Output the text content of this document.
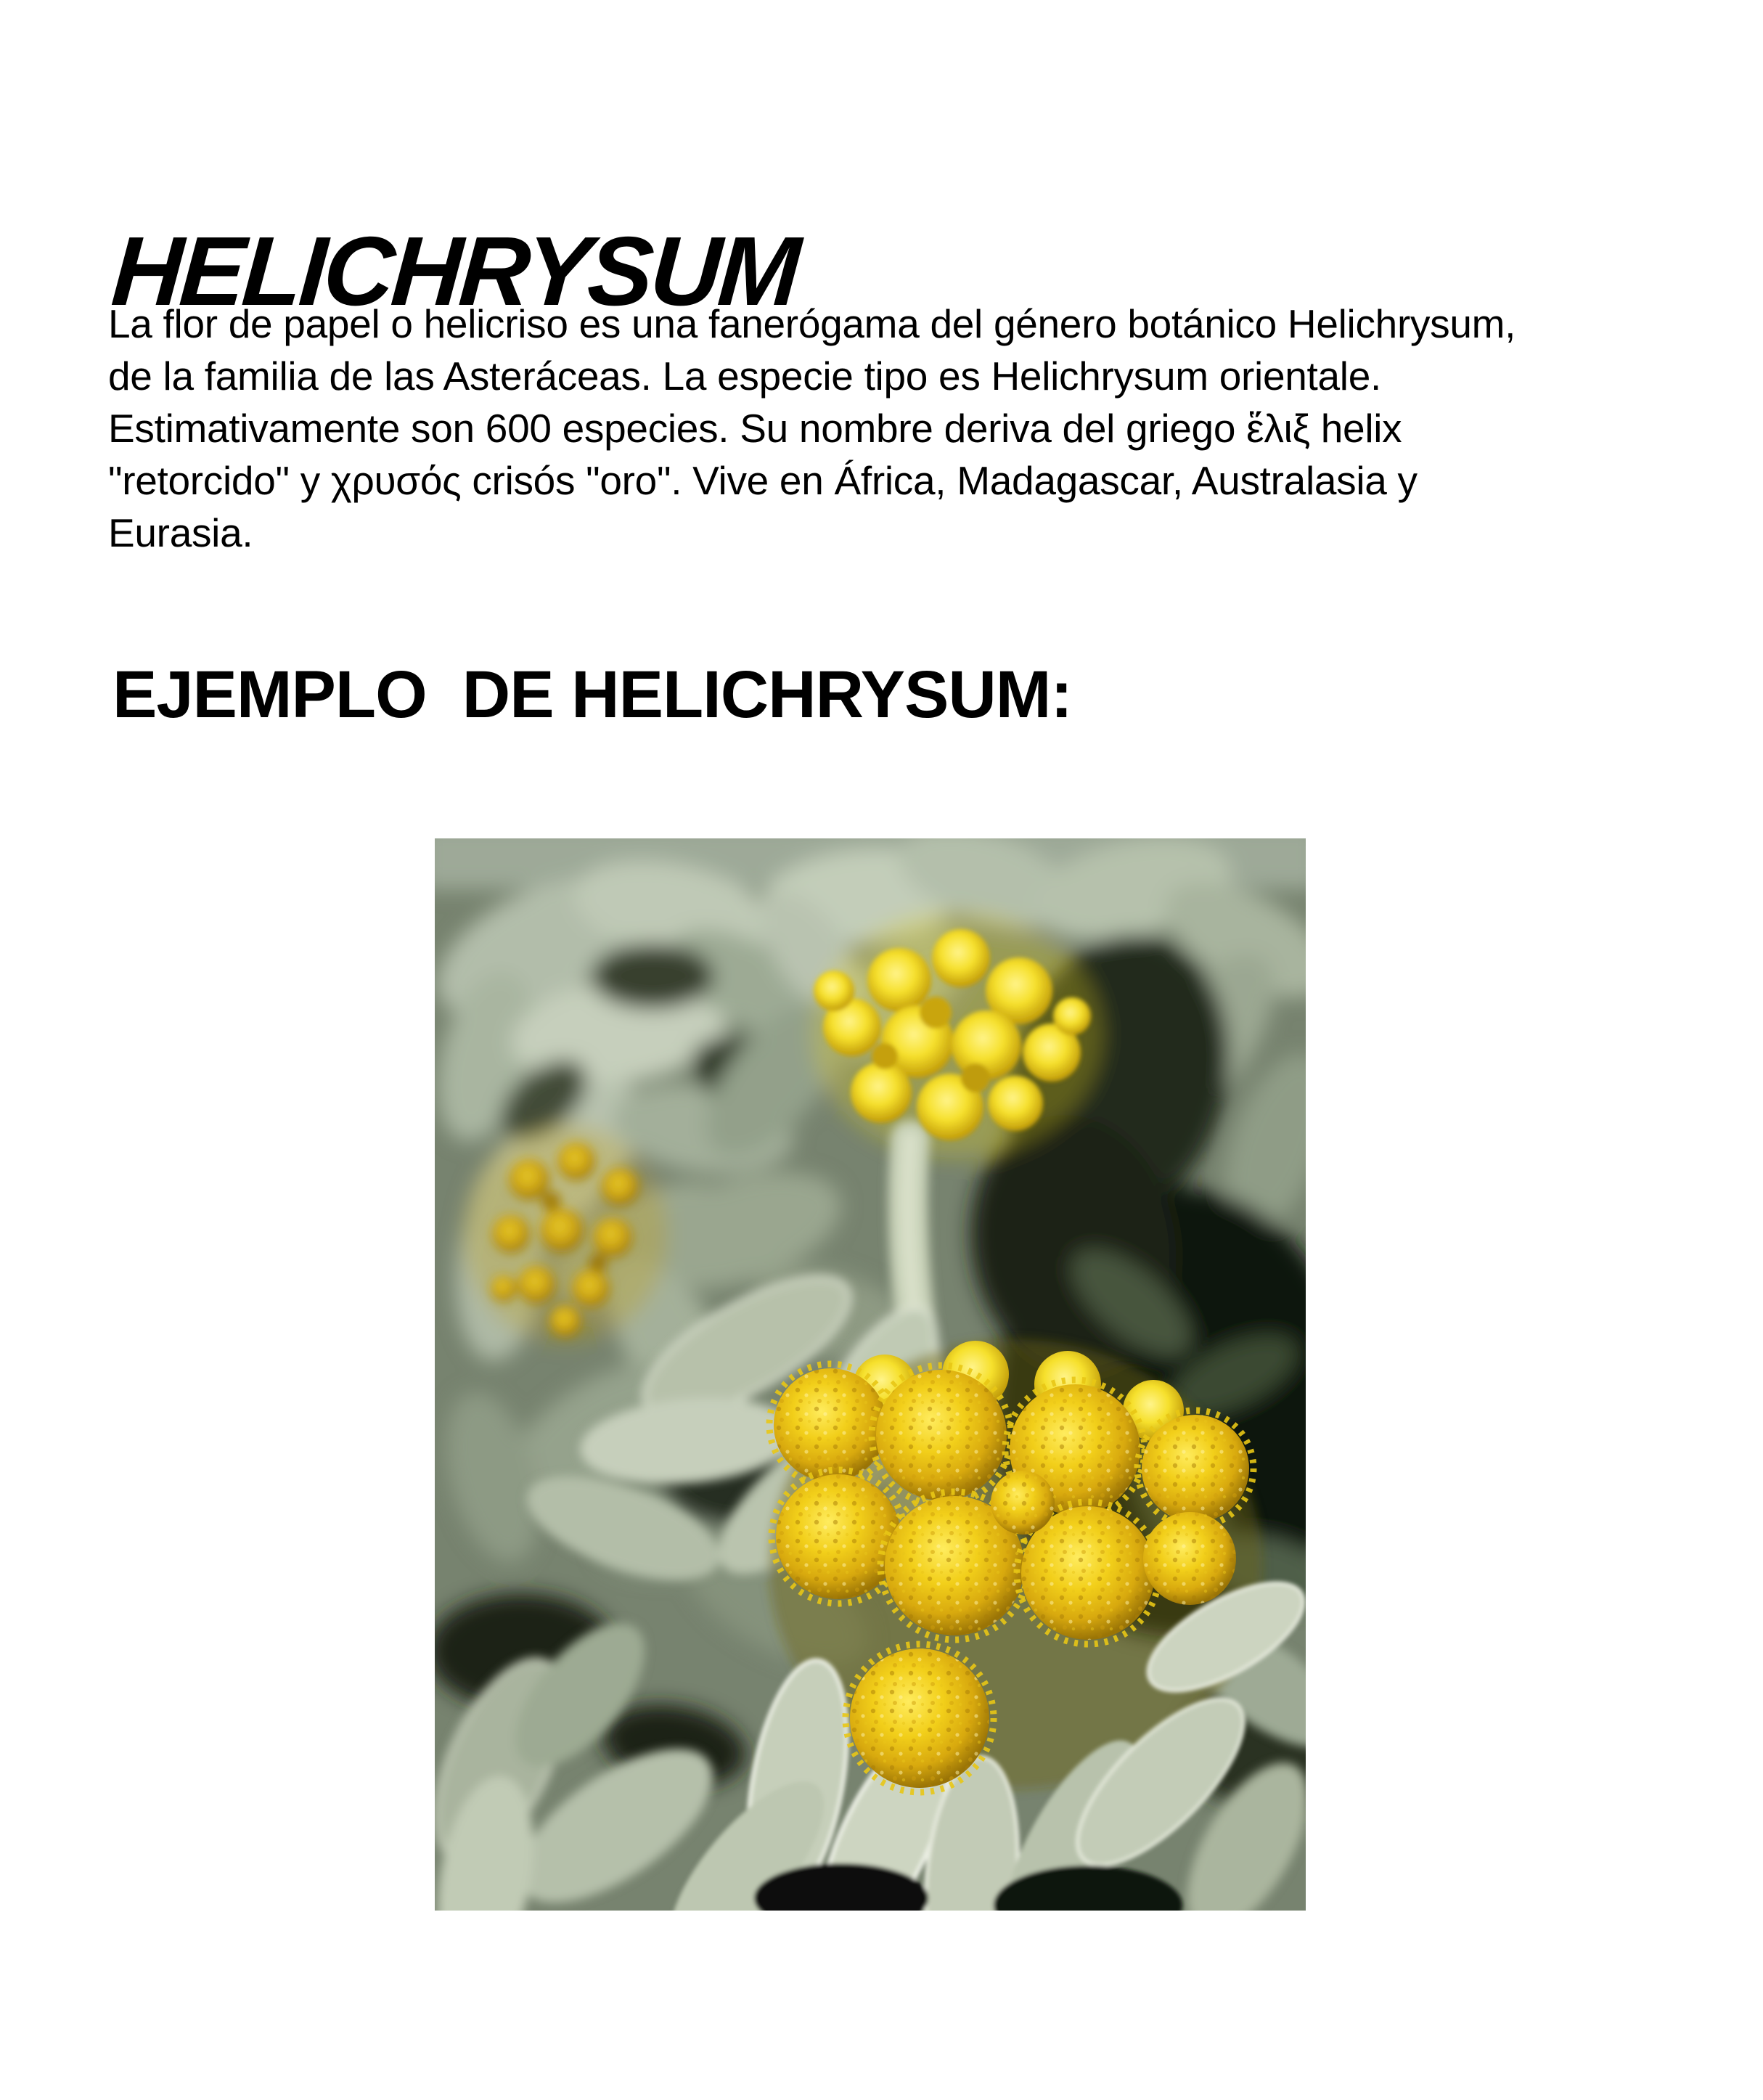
HELICHRYSUM
La flor de papel o helicriso es una fanerógama del género botánico Helichrysum,
de la familia de las Asteráceas. La especie tipo es Helichrysum orientale.
Estimativamente son 600 especies. Su nombre deriva del griego ἕλιξ helix
"retorcido" y χρυσός crisós "oro". Vive en África, Madagascar, Australasia y
Eurasia.
EJEMPLO  DE HELICHRYSUM:
